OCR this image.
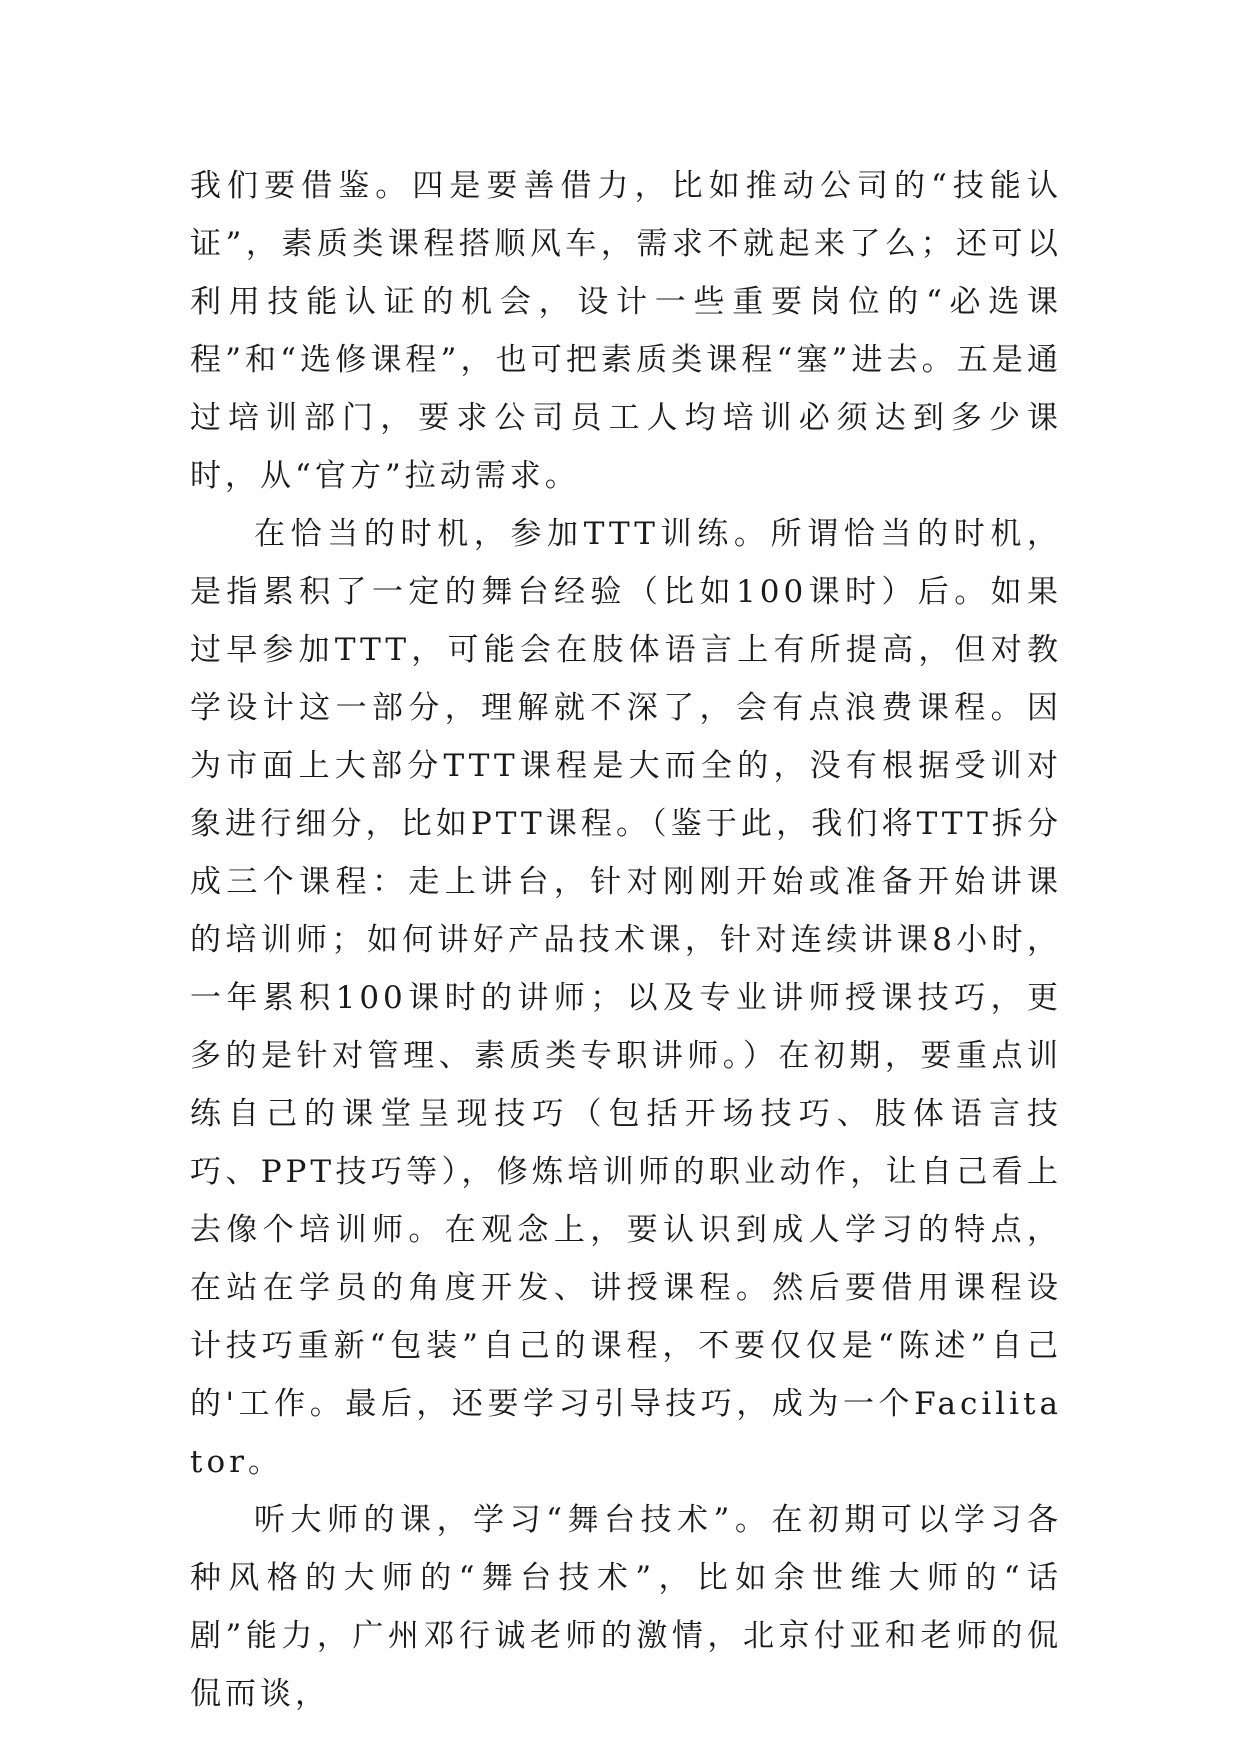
我们要借鉴。四是要善借力，比如推动公司的“技能认证”，素质类课程搭顺风车，需求不就起来了么；还可以利用技能认证的机会，设计一些重要岗位的“必选课程”和“选修课程”，也可把素质类课程“塞”进去。五是通过培训部门，要求公司员工人均培训必须达到多少课时，从“官方”拉动需求。

在恰当的时机，参加TTT训练。所谓恰当的时机，是指累积了一定的舞台经验（比如100课时）后。如果过早参加TTT，可能会在肢体语言上有所提高，但对教学设计这一部分，理解就不深了，会有点浪费课程。因为市面上大部分TTT课程是大而全的，没有根据受训对象进行细分，比如PTT课程。（鉴于此，我们将TTT拆分成三个课程：走上讲台，针对刚刚开始或准备开始讲课的培训师；如何讲好产品技术课，针对连续讲课8小时，一年累积100课时的讲师；以及专业讲师授课技巧，更多的是针对管理、素质类专职讲师。）在初期，要重点训练自己的课堂呈现技巧（包括开场技巧、肢体语言技巧、PPT技巧等），修炼培训师的职业动作，让自己看上去像个培训师。在观念上，要认识到成人学习的特点，在站在学员的角度开发、讲授课程。然后要借用课程设计技巧重新“包装”自己的课程，不要仅仅是“陈述”自己的'工作。最后，还要学习引导技巧，成为一个Facilitator。

听大师的课，学习“舞台技术”。在初期可以学习各种风格的大师的“舞台技术”，比如余世维大师的“话剧”能力，广州邓行诚老师的激情，北京付亚和老师的侃侃而谈，
